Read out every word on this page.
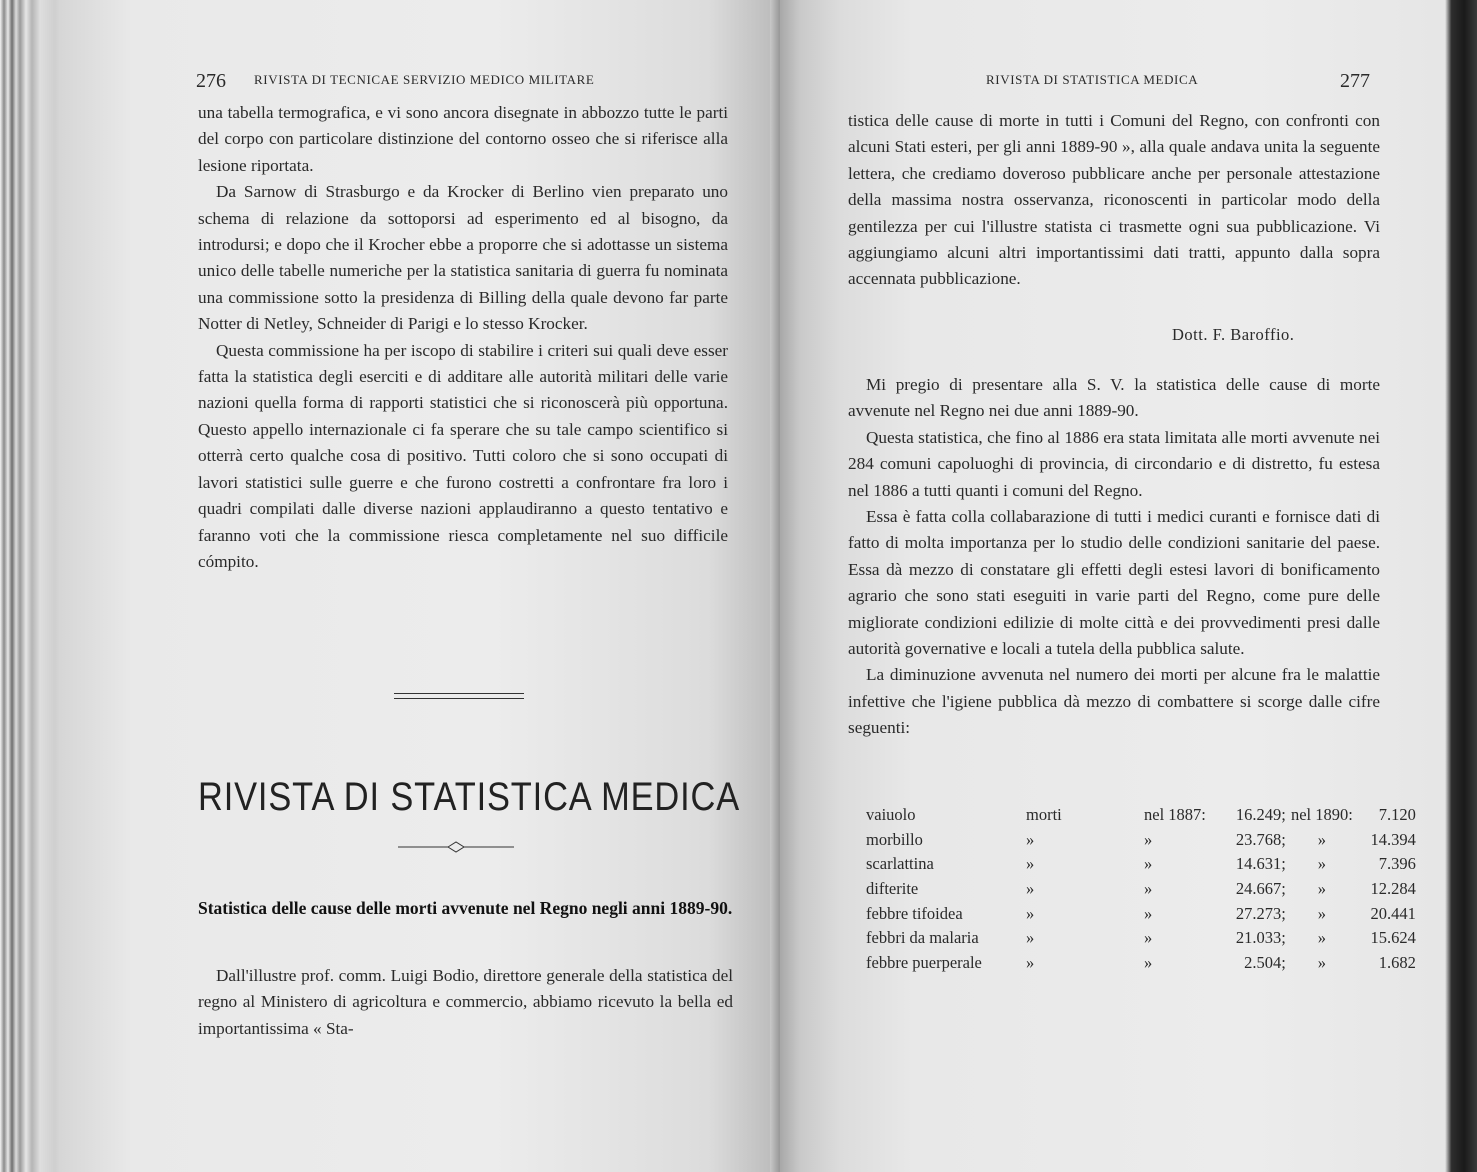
276 RIVISTA DI TECNICAE SERVIZIO MEDICO MILITARE

una tabella termografica, e vi sono ancora disegnate in abbozzo tutte le parti del corpo con particolare distinzione del contorno osseo che si riferisce alla lesione riportata.

Da Sarnow di Strasburgo e da Krocker di Berlino vien preparato uno schema di relazione da sottoporsi ad esperimento ed al bisogno, da introdursi; e dopo che il Krocher ebbe a proporre che si adottasse un sistema unico delle tabelle numeriche per la statistica sanitaria di guerra fu nominata una commissione sotto la presidenza di Billing della quale devono far parte Notter di Netley, Schneider di Parigi e lo stesso Krocker.

Questa commissione ha per iscopo di stabilire i criteri sui quali deve esser fatta la statistica degli eserciti e di additare alle autorità militari delle varie nazioni quella forma di rapporti statistici che si riconoscerà più opportuna. Questo appello internazionale ci fa sperare che su tale campo scientifico si otterrà certo qualche cosa di positivo. Tutti coloro che si sono occupati di lavori statistici sulle guerre e che furono costretti a confrontare fra loro i quadri compilati dalle diverse nazioni applaudiranno a questo tentativo e faranno voti che la commissione riesca completamente nel suo difficile cómpito.

RIVISTA DI STATISTICA MEDICA
Statistica delle cause delle morti avvenute nel Regno negli anni 1889-90.

Dall'illustre prof. comm. Luigi Bodio, direttore generale della statistica del regno al Ministero di agricoltura e commercio, abbiamo ricevuto la bella ed importantissima « Sta-

RIVISTA DI STATISTICA MEDICA	277

tistica delle cause di morte in tutti i Comuni del Regno, con confronti con alcuni Stati esteri, per gli anni 1889-90 », alla quale andava unita la seguente lettera, che crediamo doveroso pubblicare anche per personale attestazione della massima nostra osservanza, riconoscenti in particolar modo della gentilezza per cui l'illustre statista ci trasmette ogni sua pubblicazione. Vi aggiungiamo alcuni altri importantissimi dati tratti, appunto dalla sopra accennata pubblicazione.

Dott. F. Baroffio.

Mi pregio di presentare alla S. V. la statistica delle cause di morte avvenute nel Regno nei due anni 1889-90.

Questa statistica, che fino al 1886 era stata limitata alle morti avvenute nei 284 comuni capoluoghi di provincia, di circondario e di distretto, fu estesa nel 1886 a tutti quanti i comuni del Regno.

Essa è fatta colla collabarazione di tutti i medici curanti e fornisce dati di fatto di molta importanza per lo studio delle condizioni sanitarie del paese. Essa dà mezzo di constatare gli effetti degli estesi lavori di bonificamento agrario che sono stati eseguiti in varie parti del Regno, come pure delle migliorate condizioni edilizie di molte città e dei provvedimenti presi dalle autorità governative e locali a tutela della pubblica salute.

La diminuzione avvenuta nel numero dei morti per alcune fra le malattie infettive che l'igiene pubblica dà mezzo di combattere si scorge dalle cifre seguenti:

vaiuolo	morti	nel 1887:	16.249;	nel 1890:	7.120
morbillo	»	»	23.768;	»	14.394
scarlattina	»	»	14.631;	»	7.396
difterite	»	»	24.667;	»	12.284
febbre tifoidea	»	»	27.273;	»	20.441
febbri da malaria	»	»	21.033;	»	15.624
febbre puerperale	»	»	2.504;	»	1.682
